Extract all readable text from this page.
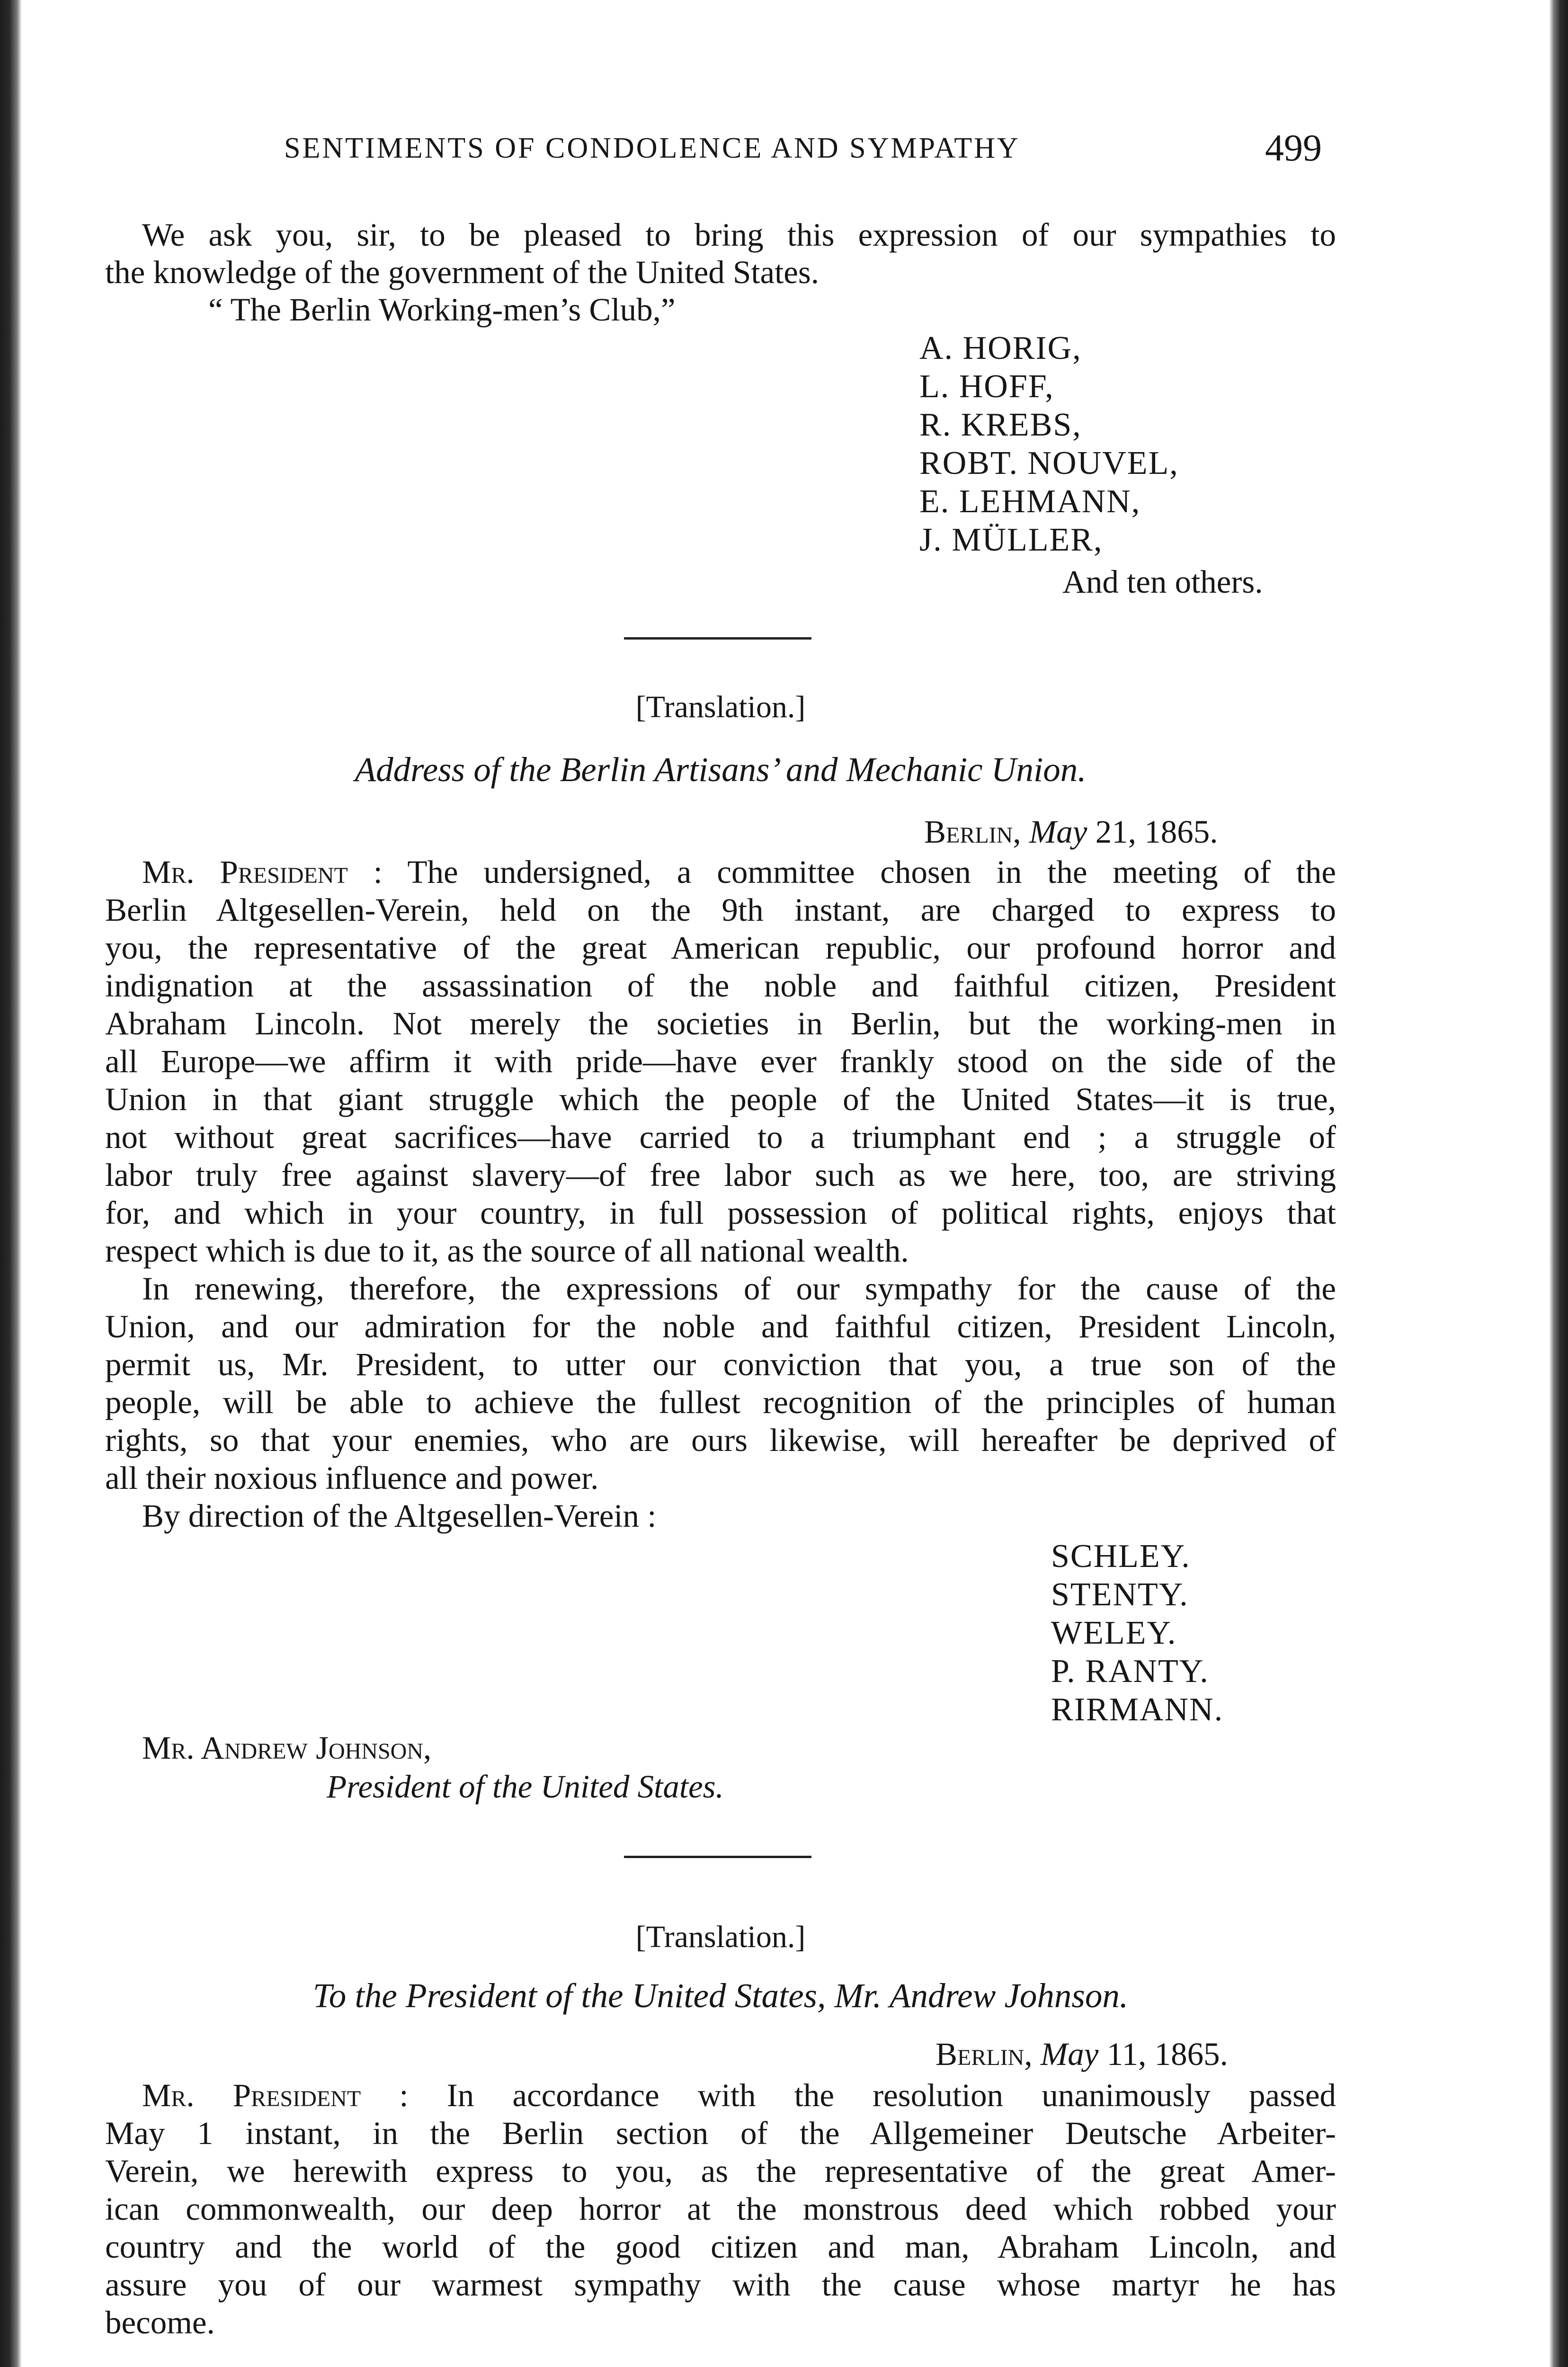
SENTIMENTS OF CONDOLENCE AND SYMPATHY	499
We ask you, sir, to be pleased to bring this expression of our sympathies to
the knowledge of the government of the United States.
“ The Berlin Working-men’s Club,”
A. HORIG,
L. HOFF,
R. KREBS,
ROBT. NOUVEL,
E. LEHMANN,
J. MÜLLER,
And ten others.
[Translation.]
Address of the Berlin Artisans’ and Mechanic Union.
Berlin, May 21, 1865.
Mr. President : The undersigned, a committee chosen in the meeting of the
Berlin Altgesellen-Verein, held on the 9th instant, are charged to express to
you, the representative of the great American republic, our profound horror and
indignation at the assassination of the noble and faithful citizen, President
Abraham Lincoln. Not merely the societies in Berlin, but the working-men in
all Europe—we affirm it with pride—have ever frankly stood on the side of the
Union in that giant struggle which the people of the United States—it is true,
not without great sacrifices—have carried to a triumphant end ; a struggle of
labor truly free against slavery—of free labor such as we here, too, are striving
for, and which in your country, in full possession of political rights, enjoys that
respect which is due to it, as the source of all national wealth.
In renewing, therefore, the expressions of our sympathy for the cause of the
Union, and our admiration for the noble and faithful citizen, President Lincoln,
permit us, Mr. President, to utter our conviction that you, a true son of the
people, will be able to achieve the fullest recognition of the principles of human
rights, so that your enemies, who are ours likewise, will hereafter be deprived of
all their noxious influence and power.
By direction of the Altgesellen-Verein :
SCHLEY.
STENTY.
WELEY.
P. RANTY.
RIRMANN.
Mr. Andrew Johnson,
President of the United States.
[Translation.]
To the President of the United States, Mr. Andrew Johnson.
Berlin, May 11, 1865.
Mr. President : In accordance with the resolution unanimously passed
May 1 instant, in the Berlin section of the Allgemeiner Deutsche Arbeiter-
Verein, we herewith express to you, as the representative of the great Amer-
ican commonwealth, our deep horror at the monstrous deed which robbed your
country and the world of the good citizen and man, Abraham Lincoln, and
assure you of our warmest sympathy with the cause whose martyr he has
become.
